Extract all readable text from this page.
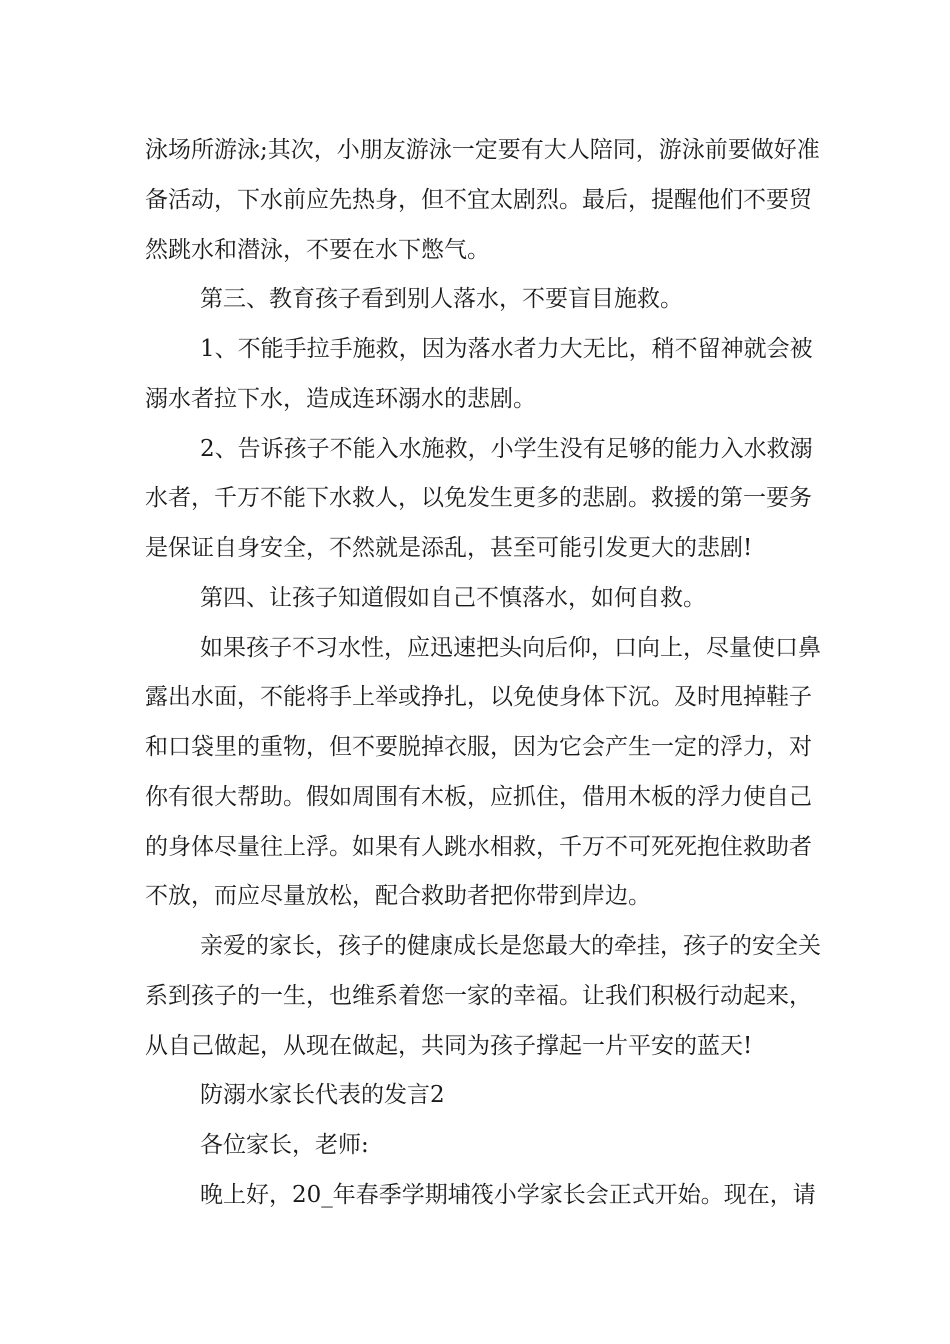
泳场所游泳;其次，小朋友游泳一定要有大人陪同，游泳前要做好准
备活动，下水前应先热身，但不宜太剧烈。最后，提醒他们不要贸
然跳水和潜泳，不要在水下憋气。
第三、教育孩子看到别人落水，不要盲目施救。
1、不能手拉手施救，因为落水者力大无比，稍不留神就会被
溺水者拉下水，造成连环溺水的悲剧。
2、告诉孩子不能入水施救，小学生没有足够的能力入水救溺
水者，千万不能下水救人，以免发生更多的悲剧。救援的第一要务
是保证自身安全，不然就是添乱，甚至可能引发更大的悲剧!
第四、让孩子知道假如自己不慎落水，如何自救。
如果孩子不习水性，应迅速把头向后仰，口向上，尽量使口鼻
露出水面，不能将手上举或挣扎，以免使身体下沉。及时甩掉鞋子
和口袋里的重物，但不要脱掉衣服，因为它会产生一定的浮力，对
你有很大帮助。假如周围有木板，应抓住，借用木板的浮力使自己
的身体尽量往上浮。如果有人跳水相救，千万不可死死抱住救助者
不放，而应尽量放松，配合救助者把你带到岸边。
亲爱的家长，孩子的健康成长是您最大的牵挂，孩子的安全关
系到孩子的一生，也维系着您一家的幸福。让我们积极行动起来，
从自己做起，从现在做起，共同为孩子撑起一片平安的蓝天!
防溺水家长代表的发言2
各位家长，老师:
晚上好，20_年春季学期埔筏小学家长会正式开始。现在，请
